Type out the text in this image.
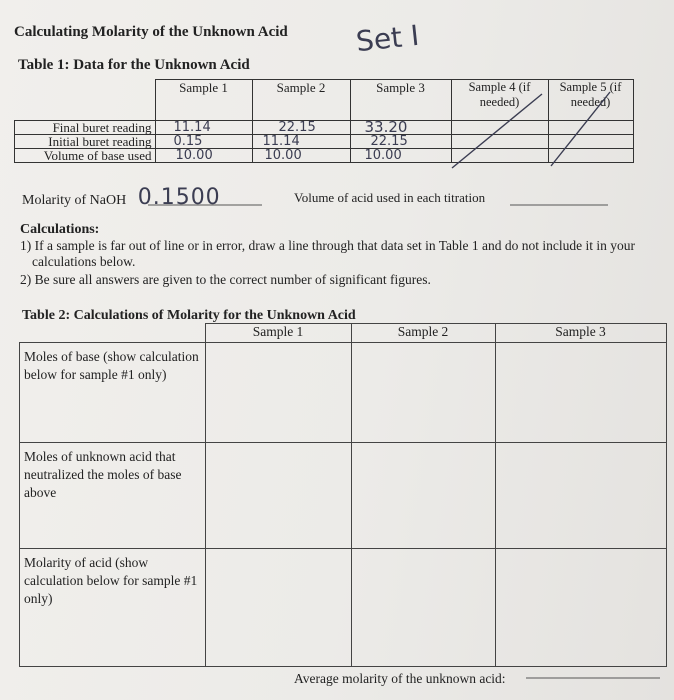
Calculating Molarity of the Unknown Acid Set I
Table 1: Data for the Unknown Acid
	Sample 1	Sample 2	Sample 3	Sample 4 (if needed)	Sample 5 (if needed)
Final buret reading	11.14	22.15	33.20		
Initial buret reading	0.15	11.14	22.15		
Volume of base used	10.00	10.00	10.00		
Molarity of NaOH 0.1500	Volume of acid used in each titration
Calculations:
1) If a sample is far out of line or in error, draw a line through that data set in Table 1 and do not include it in your calculations below.
2) Be sure all answers are given to the correct number of significant figures.
Table 2: Calculations of Molarity for the Unknown Acid
	Sample 1	Sample 2	Sample 3
Moles of base (show calculation below for sample #1 only)			
Moles of unknown acid that neutralized the moles of base above			
Molarity of acid (show calculation below for sample #1 only)			
Average molarity of the unknown acid:
